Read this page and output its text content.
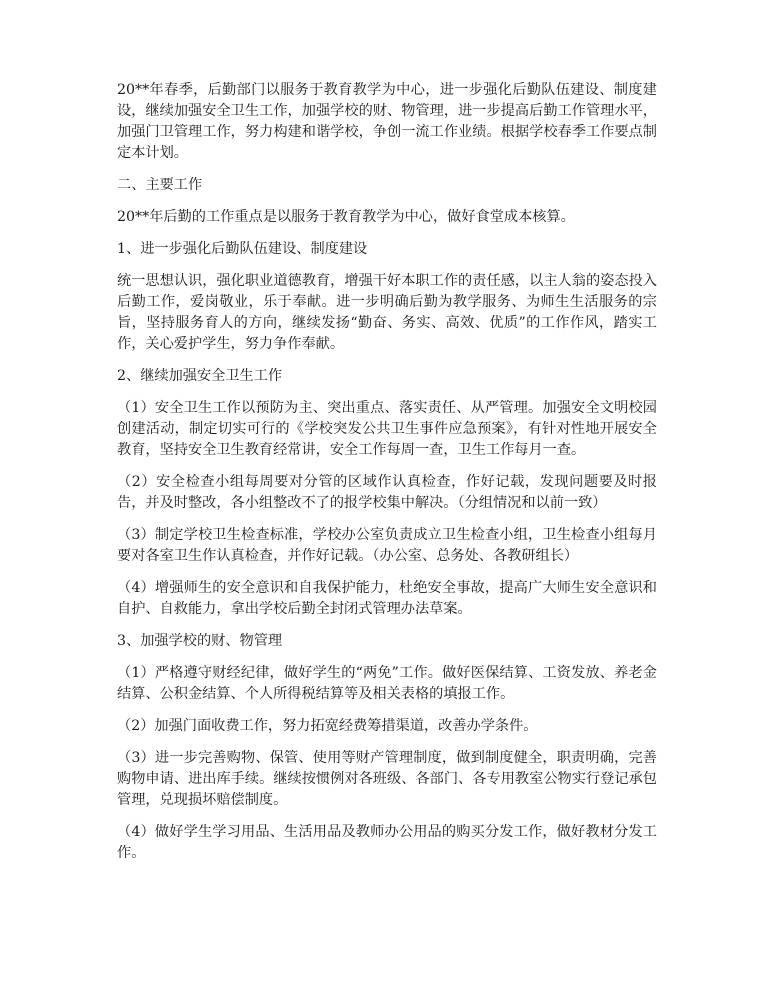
20**年春季，后勤部门以服务于教育教学为中心，进一步强化后勤队伍建设、制度建设，继续加强安全卫生工作，加强学校的财、物管理，进一步提高后勤工作管理水平，加强门卫管理工作，努力构建和谐学校，争创一流工作业绩。根据学校春季工作要点制定本计划。

二、主要工作

20**年后勤的工作重点是以服务于教育教学为中心，做好食堂成本核算。

1、进一步强化后勤队伍建设、制度建设

统一思想认识，强化职业道德教育，增强干好本职工作的责任感，以主人翁的姿态投入后勤工作，爱岗敬业，乐于奉献。进一步明确后勤为教学服务、为师生生活服务的宗旨，坚持服务育人的方向，继续发扬“勤奋、务实、高效、优质”的工作作风，踏实工作，关心爱护学生，努力争作奉献。

2、继续加强安全卫生工作

（1）安全卫生工作以预防为主、突出重点、落实责任、从严管理。加强安全文明校园创建活动，制定切实可行的《学校突发公共卫生事件应急预案》，有针对性地开展安全教育，坚持安全卫生教育经常讲，安全工作每周一查，卫生工作每月一查。

（2）安全检查小组每周要对分管的区域作认真检查，作好记载，发现问题要及时报告，并及时整改，各小组整改不了的报学校集中解决。（分组情况和以前一致）

（3）制定学校卫生检查标准，学校办公室负责成立卫生检查小组，卫生检查小组每月要对各室卫生作认真检查，并作好记载。（办公室、总务处、各教研组长）

（4）增强师生的安全意识和自我保护能力，杜绝安全事故，提高广大师生安全意识和自护、自救能力，拿出学校后勤全封闭式管理办法草案。

3、加强学校的财、物管理

（1）严格遵守财经纪律，做好学生的“两免”工作。做好医保结算、工资发放、养老金结算、公积金结算、个人所得税结算等及相关表格的填报工作。

（2）加强门面收费工作，努力拓宽经费筹措渠道，改善办学条件。

（3）进一步完善购物、保管、使用等财产管理制度，做到制度健全，职责明确，完善购物申请、进出库手续。继续按惯例对各班级、各部门、各专用教室公物实行登记承包管理，兑现损坏赔偿制度。

（4）做好学生学习用品、生活用品及教师办公用品的购买分发工作，做好教材分发工作。
